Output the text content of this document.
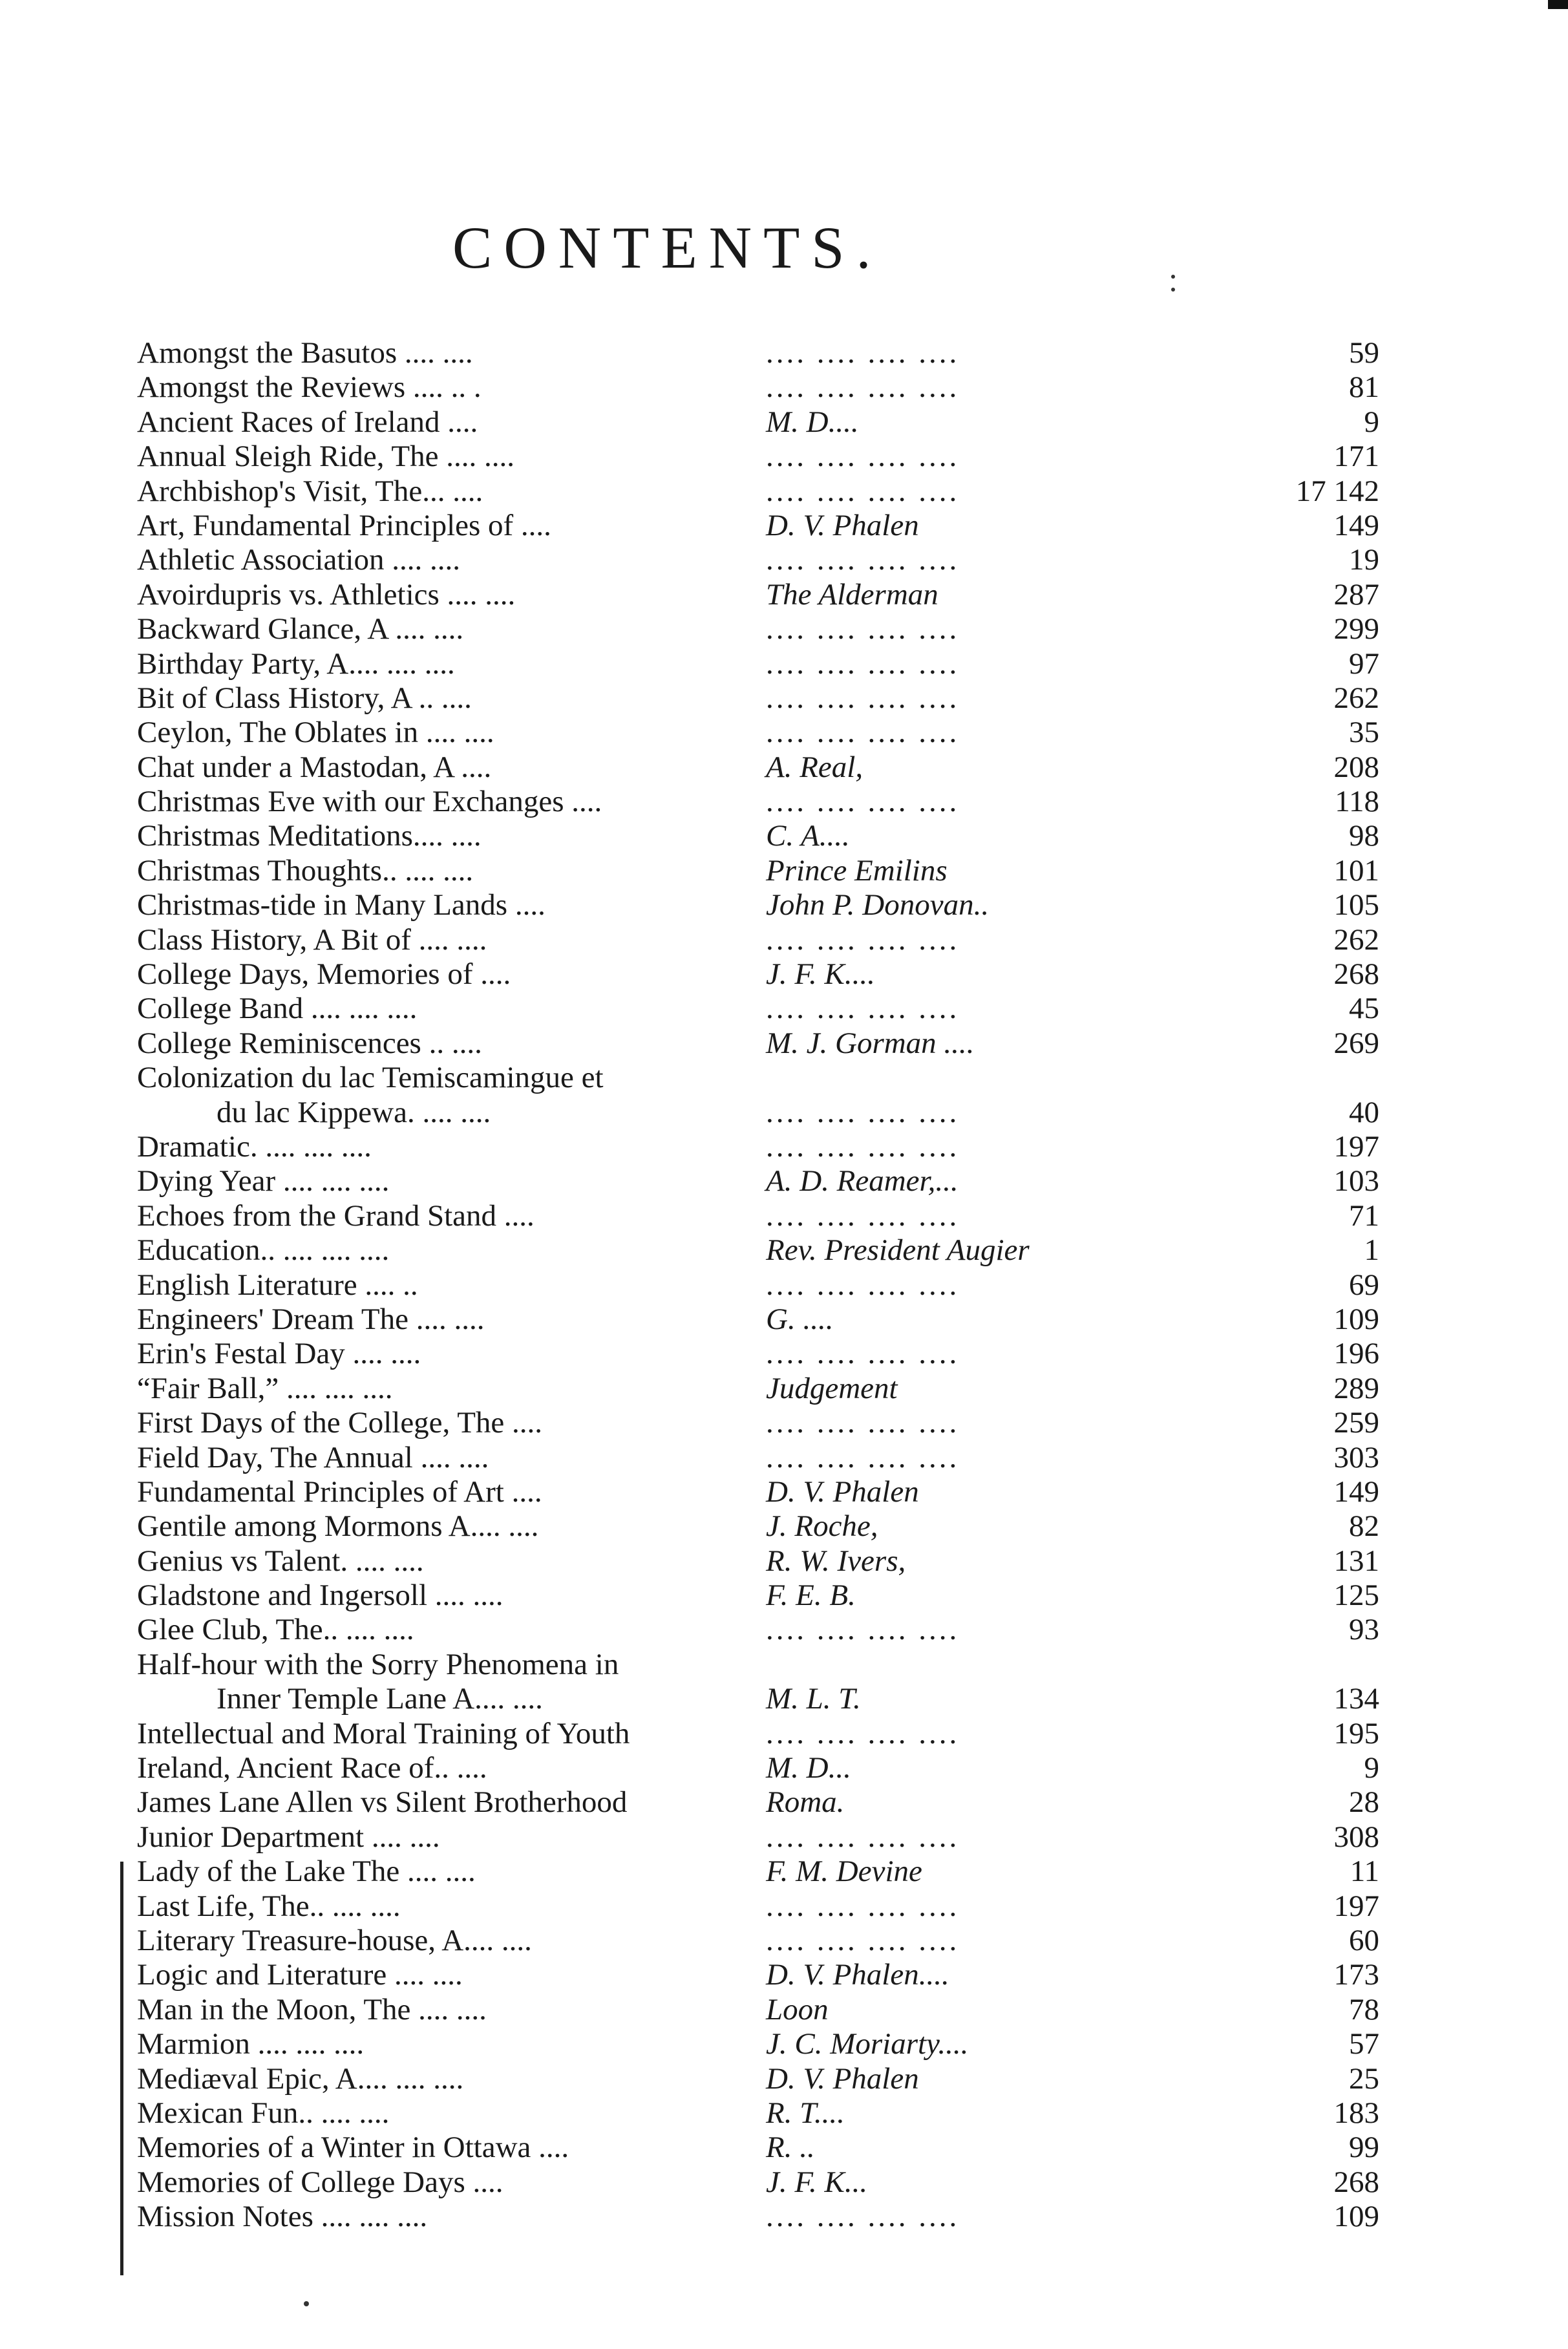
CONTENTS.
Amongst the Basutos .... ....	.... .... .... ....	59
Amongst the Reviews .... .. .	.... .... .... ....	81
Ancient Races of Ireland ....	M. D....	9
Annual Sleigh Ride, The .... ....	.... .... .... ....	171
Archbishop's Visit, The... ....	.... .... .... ....	17 142
Art, Fundamental Principles of ....	D. V. Phalen	149
Athletic Association .... ....	.... .... .... ....	19
Avoirdupris vs. Athletics .... ....	The Alderman	287
Backward Glance, A .... ....	.... .... .... ....	299
Birthday Party, A.... .... ....	.... .... .... ....	97
Bit of Class History, A .. ....	.... .... .... ....	262
Ceylon, The Oblates in .... ....	.... .... .... ....	35
Chat under a Mastodan, A ....	A. Real,	208
Christmas Eve with our Exchanges ....	.... .... .... ....	118
Christmas Meditations.... ....	C. A....	98
Christmas Thoughts.. .... ....	Prince Emilins	101
Christmas-tide in Many Lands ....	John P. Donovan..	105
Class History, A Bit of .... ....	.... .... .... ....	262
College Days, Memories of ....	J. F. K....	268
College Band .... .... ....	.... .... .... ....	45
College Reminiscences .. ....	M. J. Gorman ....	269
Colonization du lac Temiscamingue et
du lac Kippewa. .... ....	.... .... .... ....	40
Dramatic. .... .... ....	.... .... .... ....	197
Dying Year .... .... ....	A. D. Reamer,...	103
Echoes from the Grand Stand ....	.... .... .... ....	71
Education.. .... .... ....	Rev. President Augier	1
English Literature .... ..	.... .... .... ....	69
Engineers' Dream The .... ....	G. ....	109
Erin's Festal Day .... ....	.... .... .... ....	196
“Fair Ball,” .... .... ....	Judgement	289
First Days of the College, The ....	.... .... .... ....	259
Field Day, The Annual .... ....	.... .... .... ....	303
Fundamental Principles of Art ....	D. V. Phalen	149
Gentile among Mormons A.... ....	J. Roche,	82
Genius vs Talent. .... ....	R. W. Ivers,	131
Gladstone and Ingersoll .... ....	F. E. B.	125
Glee Club, The.. .... ....	.... .... .... ....	93
Half-hour with the Sorry Phenomena in
Inner Temple Lane A.... ....	M. L. T.	134
Intellectual and Moral Training of Youth	.... .... .... ....	195
Ireland, Ancient Race of.. ....	M. D...	9
James Lane Allen vs Silent Brotherhood	Roma.	28
Junior Department .... ....	.... .... .... ....	308
Lady of the Lake The .... ....	F. M. Devine	11
Last Life, The.. .... ....	.... .... .... ....	197
Literary Treasure-house, A.... ....	.... .... .... ....	60
Logic and Literature .... ....	D. V. Phalen....	173
Man in the Moon, The .... ....	Loon	78
Marmion .... .... ....	J. C. Moriarty....	57
Mediæval Epic, A.... .... ....	D. V. Phalen	25
Mexican Fun.. .... ....	R. T....	183
Memories of a Winter in Ottawa ....	R. ..	99
Memories of College Days ....	J. F. K...	268
Mission Notes .... .... ....	.... .... .... ....	109
